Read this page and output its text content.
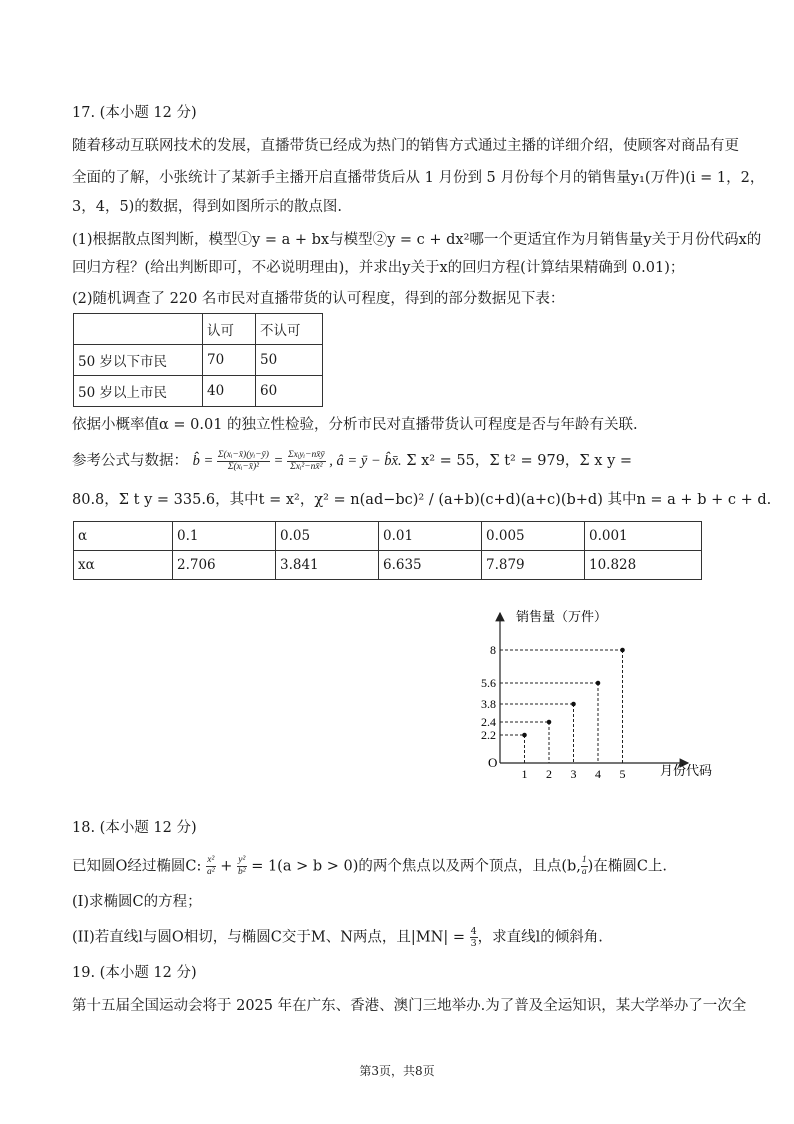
17. (本小题 12 分)
随着移动互联网技术的发展，直播带货已经成为热门的销售方式通过主播的详细介绍，使顾客对商品有更
全面的了解，小张统计了某新手主播开启直播带货后从 1 月份到 5 月份每个月的销售量y₁(万件)(i = 1，2，
3，4，5)的数据，得到如图所示的散点图.
(1)根据散点图判断，模型①y = a + bx与模型②y = c + dx²哪一个更适宜作为月销售量y关于月份代码x的
回归方程？(给出判断即可，不必说明理由)，并求出y关于x的回归方程(计算结果精确到 0.01)；
(2)随机调查了 220 名市民对直播带货的认可程度，得到的部分数据见下表：
	认可	不认可
50 岁以下市民	70	50
50 岁以上市民	40	60
依据小概率值α = 0.01 的独立性检验，分析市民对直播带货认可程度是否与年龄有关联.
参考公式与数据： b̂ = $\frac{\text{Σ(xᵢ−x̄)(yᵢ−ȳ)}}{\text{Σ(xᵢ−x̄)²}} = \frac{\text{Σxᵢyᵢ−nx̄ȳ}}{\text{Σxᵢ²−nx̄²}}$ , â = ȳ − b̂x̄. Σ x² = 55，Σ t² = 979，Σ x y =
80.8，Σ t y = 335.6，其中t = x²，χ² = n(ad−bc)² / (a+b)(c+d)(a+c)(b+d) 其中n = a + b + c + d.
α	0.1	0.05	0.01	0.005	0.001
xα	2.706	3.841	6.635	7.879	10.828
销售量（万件）
月份代码
O
1 2 3 4 5
2.2
2.4
3.8
5.6
8
18. (本小题 12 分)
已知圆O经过椭圆C: $\frac{\text{x²}}{\text{a²}} + \frac{\text{y²}}{\text{b²}} = 1(a > b > 0)$的两个焦点以及两个顶点，且点(b, $\frac{1}{a}$ )在椭圆C上.
(I)求椭圆C的方程；
(II)若直线l与圆O相切，与椭圆C交于M、N两点，且$|MN| = \frac{4}{3}$ ，求直线l的倾斜角.
19. (本小题 12 分)
第十五届全国运动会将于 2025 年在广东、香港、澳门三地举办.为了普及全运知识，某大学举办了一次全
第3页，共8页
